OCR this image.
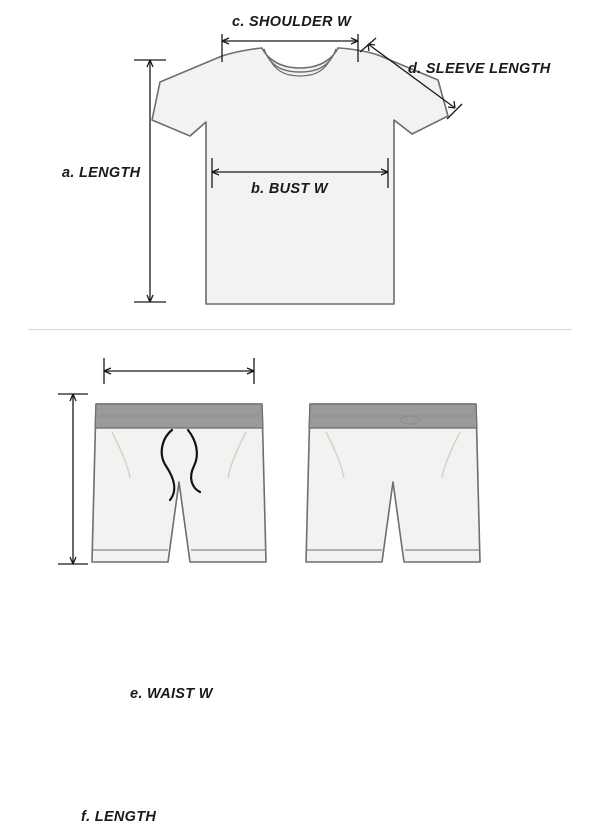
c. SHOULDER W
d. SLEEVE LENGTH
b. BUST W
a. LENGTH
e. WAIST W
f. LENGTH
